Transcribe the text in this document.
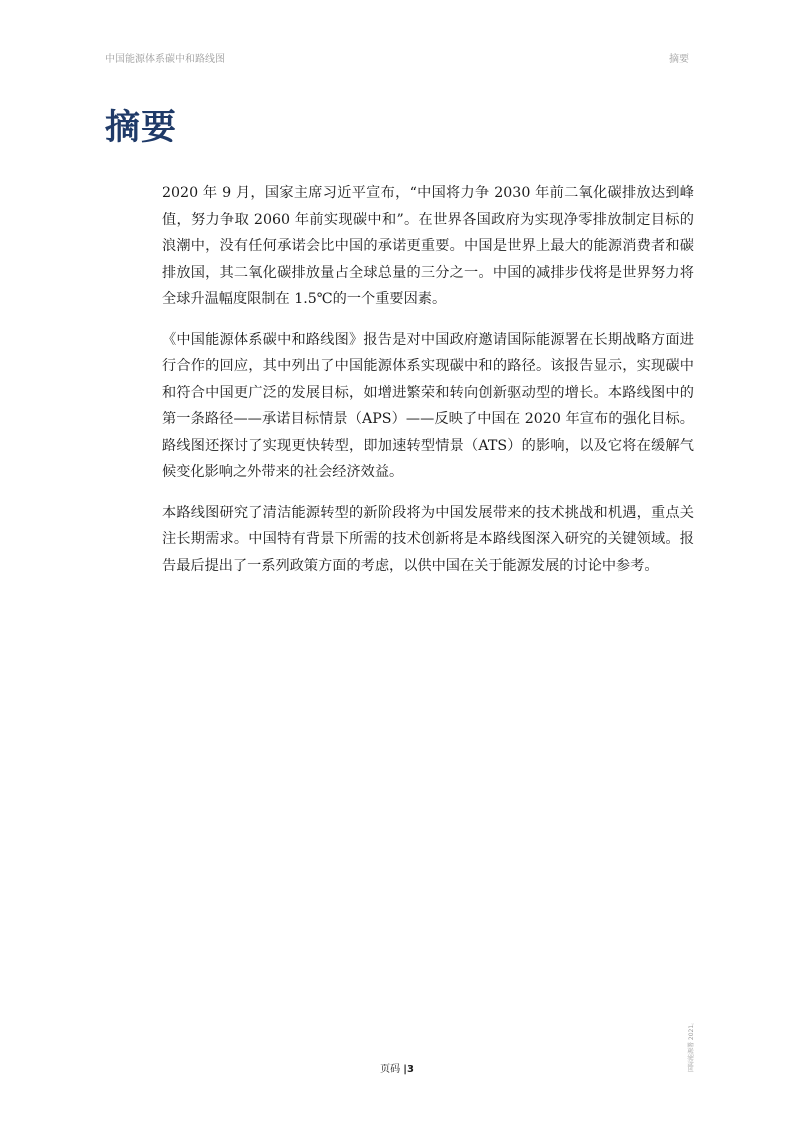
中国能源体系碳中和路线图	摘要
摘要

2020 年 9 月，国家主席习近平宣布，“中国将力争 2030 年前二氧化碳排放达到峰值，努力争取 2060 年前实现碳中和”。在世界各国政府为实现净零排放制定目标的浪潮中，没有任何承诺会比中国的承诺更重要。中国是世界上最大的能源消费者和碳排放国，其二氧化碳排放量占全球总量的三分之一。中国的减排步伐将是世界努力将全球升温幅度限制在 1.5℃的一个重要因素。

《中国能源体系碳中和路线图》报告是对中国政府邀请国际能源署在长期战略方面进行合作的回应，其中列出了中国能源体系实现碳中和的路径。该报告显示，实现碳中和符合中国更广泛的发展目标，如增进繁荣和转向创新驱动型的增长。本路线图中的第一条路径——承诺目标情景（APS）——反映了中国在 2020 年宣布的强化目标。路线图还探讨了实现更快转型，即加速转型情景（ATS）的影响，以及它将在缓解气候变化影响之外带来的社会经济效益。

本路线图研究了清洁能源转型的新阶段将为中国发展带来的技术挑战和机遇，重点关注长期需求。中国特有背景下所需的技术创新将是本路线图深入研究的关键领域。报告最后提出了一系列政策方面的考虑，以供中国在关于能源发展的讨论中参考。

页码 |3	国际能源署 2021。
